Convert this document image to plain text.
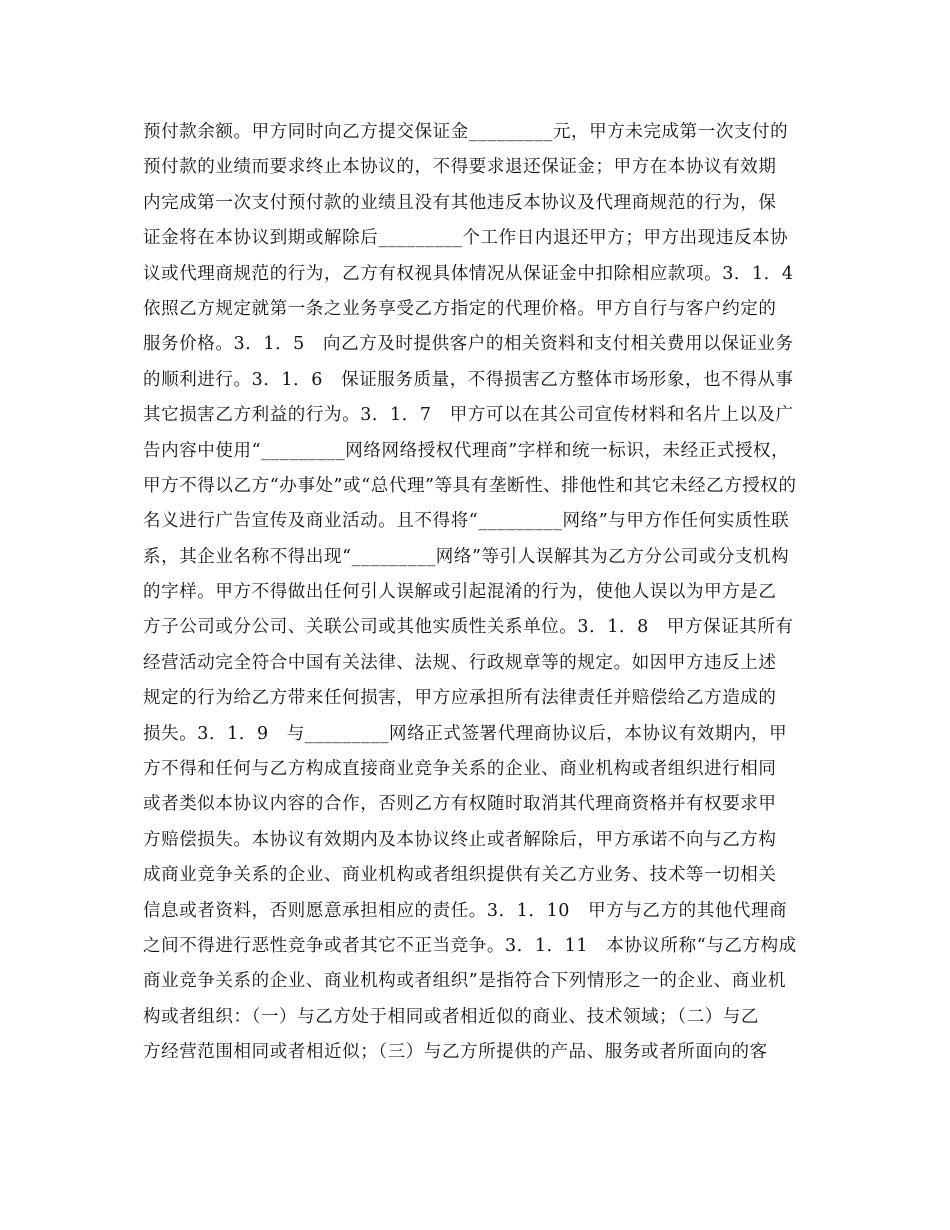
预付款余额。甲方同时向乙方提交保证金_________元，甲方未完成第一次支付的
预付款的业绩而要求终止本协议的，不得要求退还保证金；甲方在本协议有效期
内完成第一次支付预付款的业绩且没有其他违反本协议及代理商规范的行为，保
证金将在本协议到期或解除后_________个工作日内退还甲方；甲方出现违反本协
议或代理商规范的行为，乙方有权视具体情况从保证金中扣除相应款项。3．1．4
依照乙方规定就第一条之业务享受乙方指定的代理价格。甲方自行与客户约定的
服务价格。3．1．5　向乙方及时提供客户的相关资料和支付相关费用以保证业务
的顺利进行。3．1．6　保证服务质量，不得损害乙方整体市场形象，也不得从事
其它损害乙方利益的行为。3．1．7　甲方可以在其公司宣传材料和名片上以及广
告内容中使用“_________网络网络授权代理商”字样和统一标识，未经正式授权，
甲方不得以乙方“办事处”或“总代理”等具有垄断性、排他性和其它未经乙方授权的
名义进行广告宣传及商业活动。且不得将“_________网络”与甲方作任何实质性联
系，其企业名称不得出现“_________网络”等引人误解其为乙方分公司或分支机构
的字样。甲方不得做出任何引人误解或引起混淆的行为，使他人误以为甲方是乙
方子公司或分公司、关联公司或其他实质性关系单位。3．1．8　甲方保证其所有
经营活动完全符合中国有关法律、法规、行政规章等的规定。如因甲方违反上述
规定的行为给乙方带来任何损害，甲方应承担所有法律责任并赔偿给乙方造成的
损失。3．1．9　与_________网络正式签署代理商协议后，本协议有效期内，甲
方不得和任何与乙方构成直接商业竞争关系的企业、商业机构或者组织进行相同
或者类似本协议内容的合作，否则乙方有权随时取消其代理商资格并有权要求甲
方赔偿损失。本协议有效期内及本协议终止或者解除后，甲方承诺不向与乙方构
成商业竞争关系的企业、商业机构或者组织提供有关乙方业务、技术等一切相关
信息或者资料，否则愿意承担相应的责任。3．1．10　甲方与乙方的其他代理商
之间不得进行恶性竞争或者其它不正当竞争。3．1．11　本协议所称“与乙方构成
商业竞争关系的企业、商业机构或者组织”是指符合下列情形之一的企业、商业机
构或者组织：（一）与乙方处于相同或者相近似的商业、技术领域；（二）与乙
方经营范围相同或者相近似；（三）与乙方所提供的产品、服务或者所面向的客
